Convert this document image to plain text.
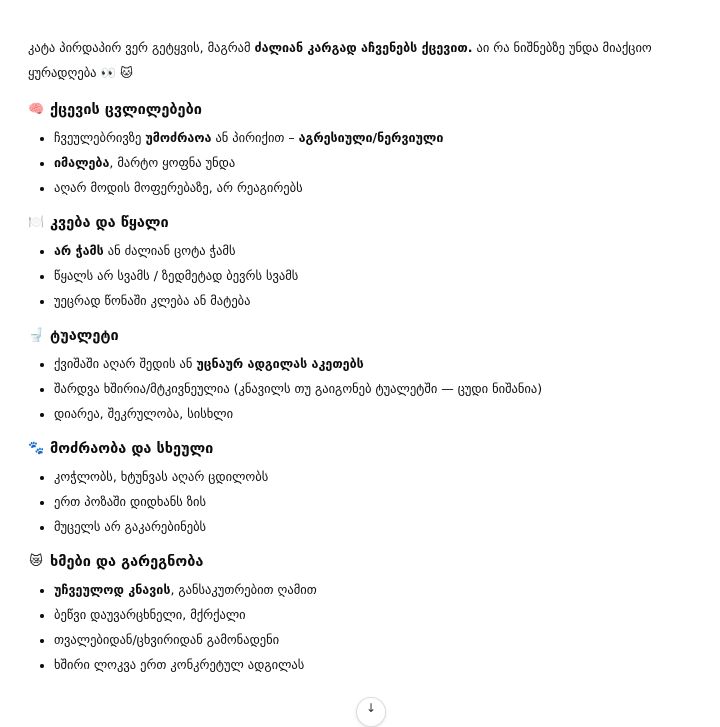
კატა პირდაპირ ვერ გეტყვის, მაგრამ ძალიან კარგად აჩვენებს ქცევით. აი რა ნიშნებზე უნდა მიაქციო ყურადღება 👀 🐱

🧠 ქცევის ცვლილებები
• ჩვეულებრივზე უმოძრაოა ან პირიქით – აგრესიული/ნერვიული
• იმალება, მარტო ყოფნა უნდა
• აღარ მოდის მოფერებაზე, არ რეაგირებს
🍽️ კვება და წყალი
• არ ჭამს ან ძალიან ცოტა ჭამს
• წყალს არ სვამს / ზედმეტად ბევრს სვამს
• უეცრად წონაში კლება ან მატება
🚽 ტუალეტი
• ქვიშაში აღარ შედის ან უცნაურ ადგილას აკეთებს
• შარდვა ხშირია/მტკივნეულია (კნავილს თუ გაიგონებ ტუალეტში — ცუდი ნიშანია)
• დიარეა, შეკრულობა, სისხლი
🐾 მოძრაობა და სხეული
• კოჭლობს, ხტუნვას აღარ ცდილობს
• ერთ პოზაში დიდხანს ზის
• მუცელს არ გაკარებინებს
😿 ხმები და გარეგნობა
• უჩვეულოდ კნავის, განსაკუთრებით ღამით
• ბეწვი დაუვარცხნელი, მქრქალი
• თვალებიდან/ცხვირიდან გამონადენი
• ხშირი ლოკვა ერთ კონკრეტულ ადგილას
↓
